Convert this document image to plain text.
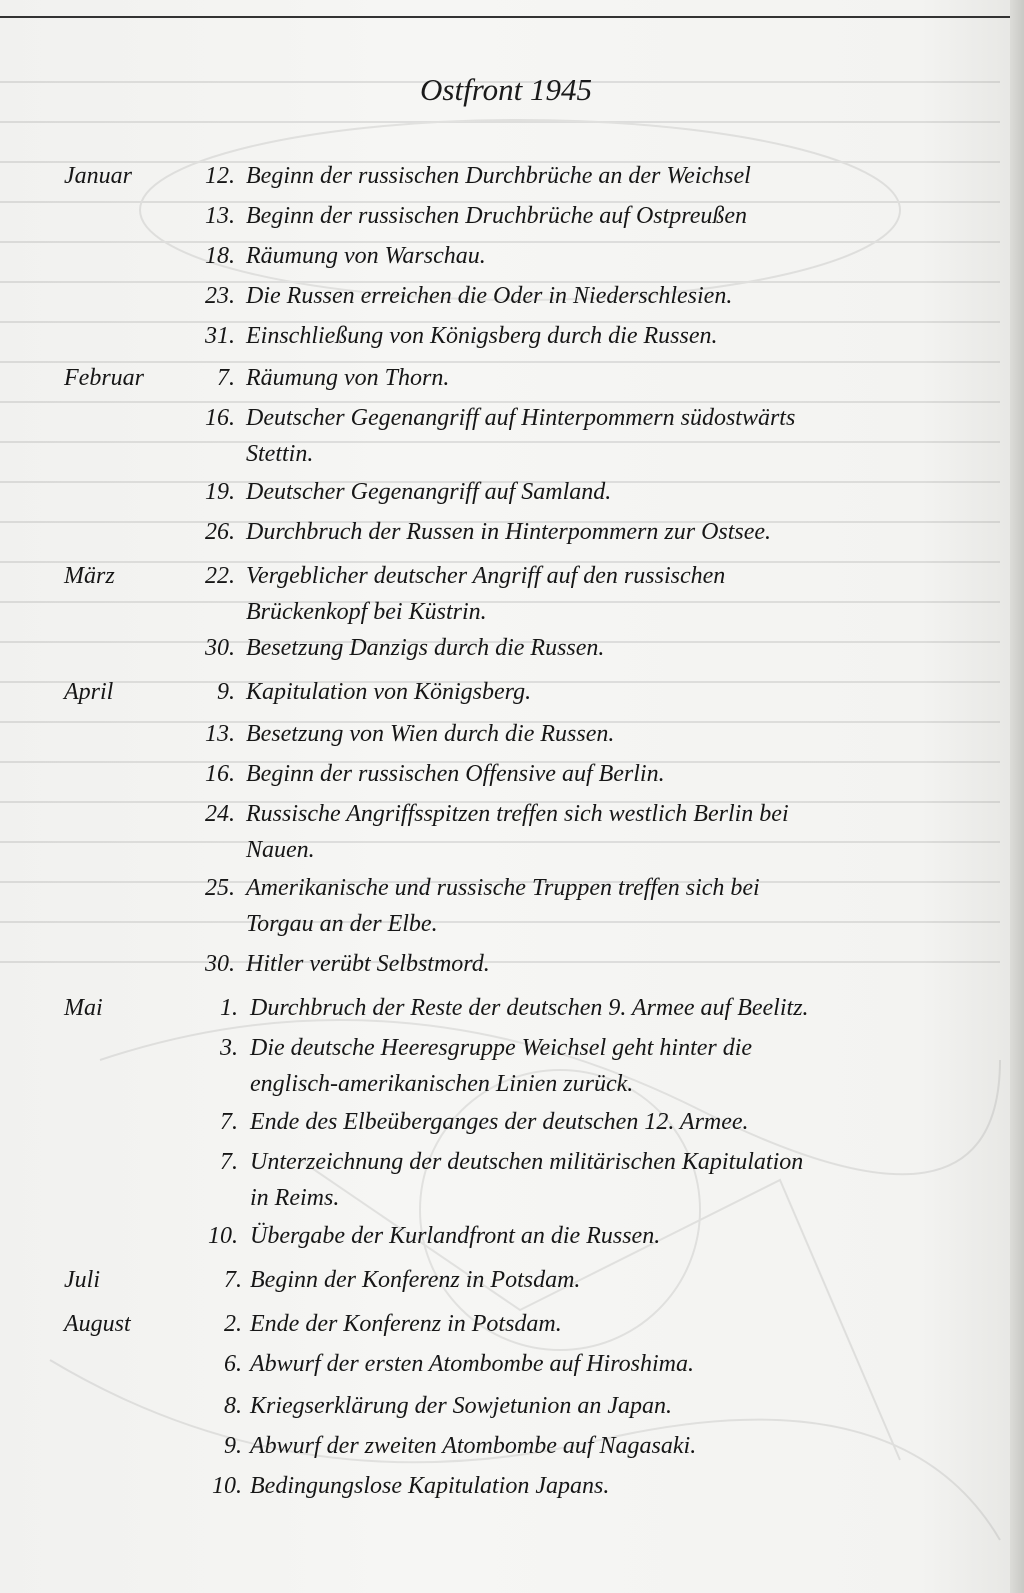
Ostfront 1945
Januar	12. Beginn der russischen Durchbrüche an der Weichsel
13. Beginn der russischen Druchbrüche auf Ostpreußen
18. Räumung von Warschau.
23. Die Russen erreichen die Oder in Niederschlesien.
31. Einschließung von Königsberg durch die Russen.
Februar	7. Räumung von Thorn.
16. Deutscher Gegenangriff auf Hinterpommern südostwärts
Stettin.
19. Deutscher Gegenangriff auf Samland.
26. Durchbruch der Russen in Hinterpommern zur Ostsee.
März	22. Vergeblicher deutscher Angriff auf den russischen
Brückenkopf bei Küstrin.
30. Besetzung Danzigs durch die Russen.
April	9. Kapitulation von Königsberg.
13. Besetzung von Wien durch die Russen.
16. Beginn der russischen Offensive auf Berlin.
24. Russische Angriffsspitzen treffen sich westlich Berlin bei
Nauen.
25. Amerikanische und russische Truppen treffen sich bei
Torgau an der Elbe.
30. Hitler verübt Selbstmord.
Mai	1. Durchbruch der Reste der deutschen 9. Armee auf Beelitz.
3. Die deutsche Heeresgruppe Weichsel geht hinter die
englisch-amerikanischen Linien zurück.
7. Ende des Elbeüberganges der deutschen 12. Armee.
7. Unterzeichnung der deutschen militärischen Kapitulation
in Reims.
10. Übergabe der Kurlandfront an die Russen.
Juli	7. Beginn der Konferenz in Potsdam.
August	2. Ende der Konferenz in Potsdam.
6. Abwurf der ersten Atombombe auf Hiroshima.
8. Kriegserklärung der Sowjetunion an Japan.
9. Abwurf der zweiten Atombombe auf Nagasaki.
10. Bedingungslose Kapitulation Japans.
